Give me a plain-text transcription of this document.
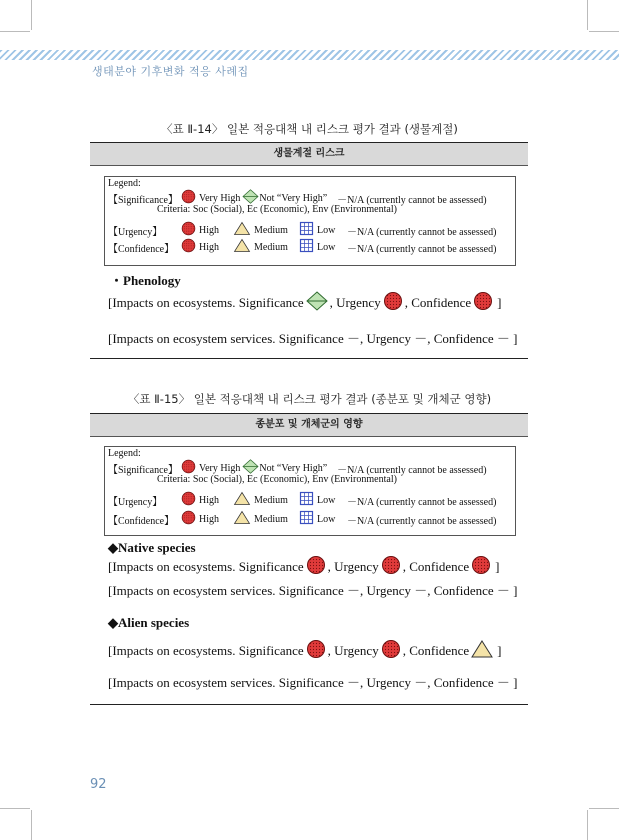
생태분야 기후변화 적응 사례집
〈표 Ⅱ-14〉 일본 적응대책 내 리스크 평가 결과 (생물계절)
생물계절 리스크
Legend:
【Significance】	Very High Not “Very High” －N/A (currently cannot be assessed)
Criteria: Soc (Social), Ec (Economic), Env (Environmental)
【Urgency】	High	Medium	Low	－N/A (currently cannot be assessed)
【Confidence】	High	Medium	Low	－N/A (currently cannot be assessed)
・Phenology
[Impacts on ecosystems. Significance , Urgency , Confidence ]
[Impacts on ecosystem services. Significance －, Urgency －, Confidence － ]
〈표 Ⅱ-15〉 일본 적응대책 내 리스크 평가 결과 (종분포 및 개체군 영향)
종분포 및 개체군의 영향
Legend:
【Significance】	Very High Not “Very High” －N/A (currently cannot be assessed)
Criteria: Soc (Social), Ec (Economic), Env (Environmental)
【Urgency】	High	Medium	Low	－N/A (currently cannot be assessed)
【Confidence】	High	Medium	Low	－N/A (currently cannot be assessed)
◆Native species
[Impacts on ecosystems. Significance , Urgency , Confidence ]
[Impacts on ecosystem services. Significance －, Urgency －, Confidence － ]
◆Alien species
[Impacts on ecosystems. Significance , Urgency , Confidence ]
[Impacts on ecosystem services. Significance －, Urgency －, Confidence － ]
92
